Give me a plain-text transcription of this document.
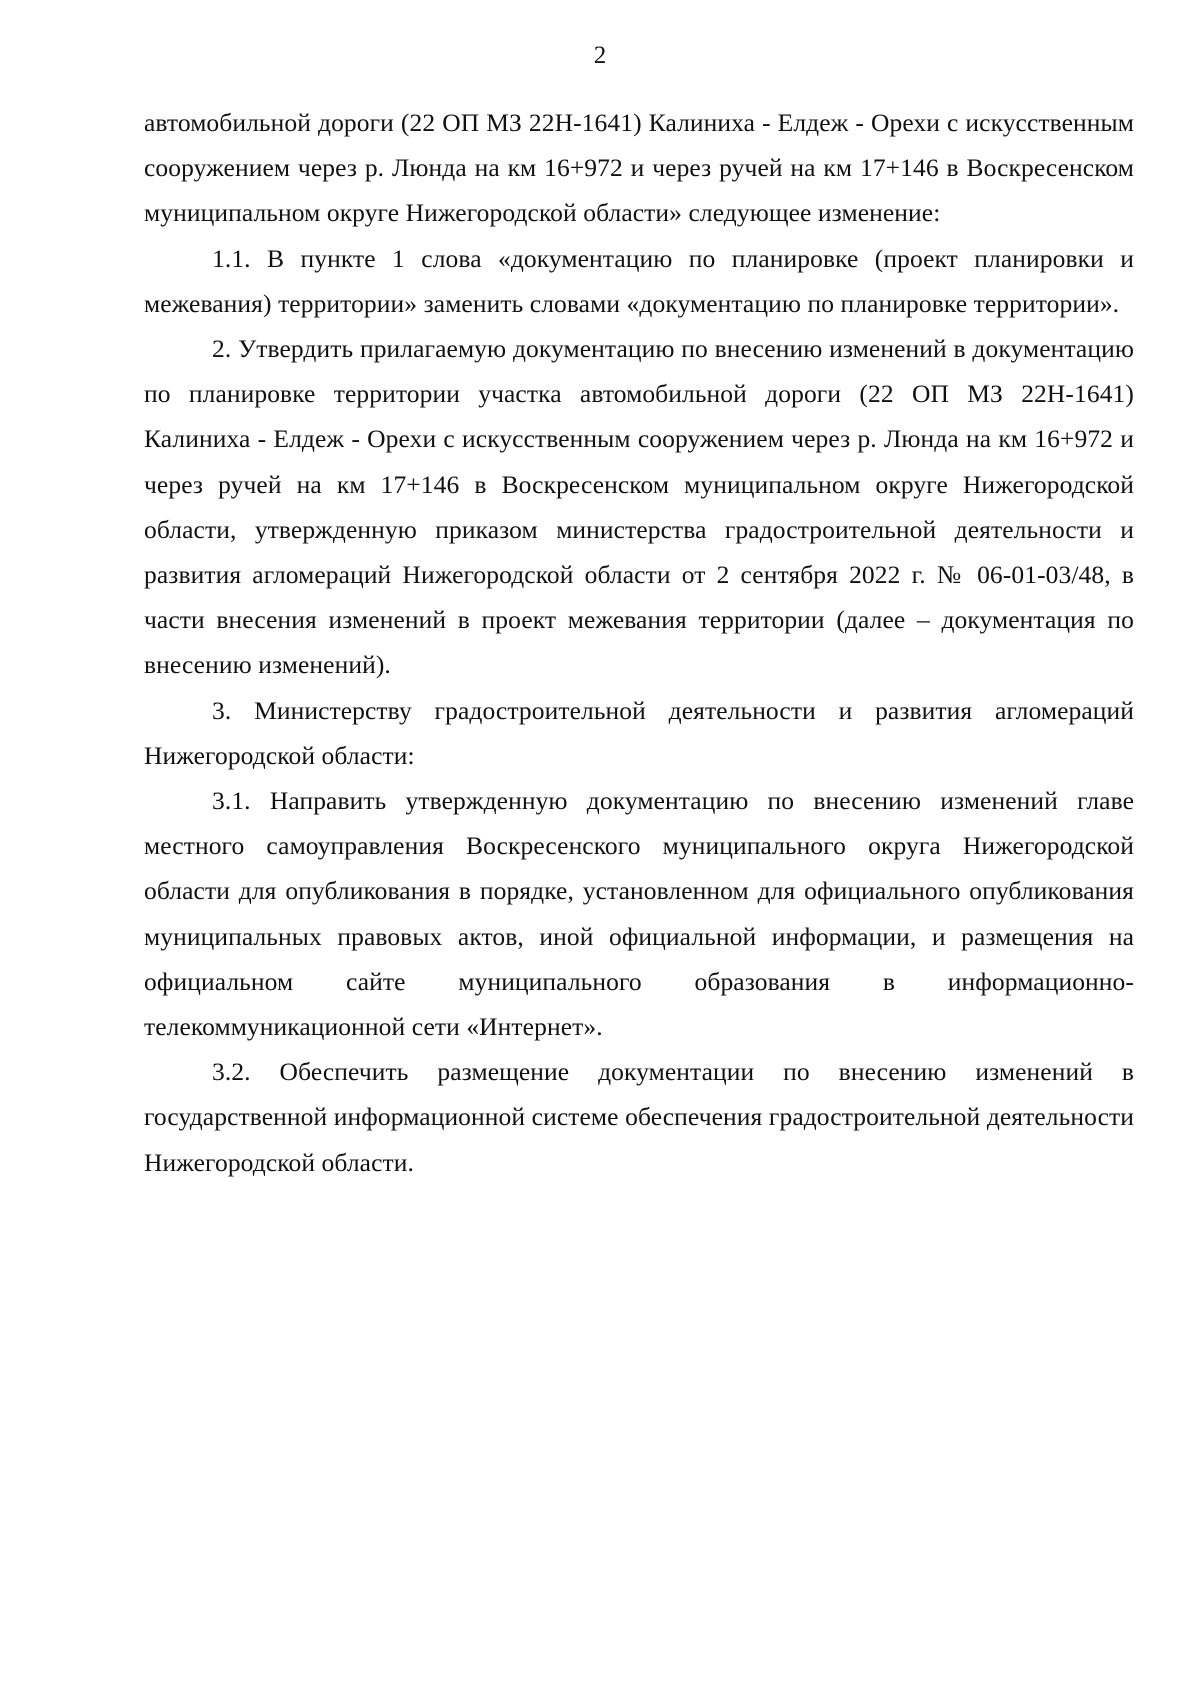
2

автомобильной дороги (22 ОП МЗ 22Н-1641) Калиниха - Елдеж - Орехи с искусственным сооружением через р. Люнда на км 16+972 и через ручей на км 17+146 в Воскресенском муниципальном округе Нижегородской области» следующее изменение:

1.1. В пункте 1 слова «документацию по планировке (проект планировки и межевания) территории» заменить словами «документацию по планировке территории».

2. Утвердить прилагаемую документацию по внесению изменений в документацию по планировке территории участка автомобильной дороги (22 ОП МЗ 22Н-1641) Калиниха - Елдеж - Орехи с искусственным сооружением через р. Люнда на км 16+972 и через ручей на км 17+146 в Воскресенском муниципальном округе Нижегородской области, утвержденную приказом министерства градостроительной деятельности и развития агломераций Нижегородской области от 2 сентября 2022 г. № 06-01-03/48, в части внесения изменений в проект межевания территории (далее – документация по внесению изменений).

3. Министерству градостроительной деятельности и развития агломераций Нижегородской области:

3.1. Направить утвержденную документацию по внесению изменений главе местного самоуправления Воскресенского муниципального округа Нижегородской области для опубликования в порядке, установленном для официального опубликования муниципальных правовых актов, иной официальной информации, и размещения на официальном сайте муниципального образования в информационно-телекоммуникационной сети «Интернет».

3.2. Обеспечить размещение документации по внесению изменений в государственной информационной системе обеспечения градостроительной деятельности Нижегородской области.
